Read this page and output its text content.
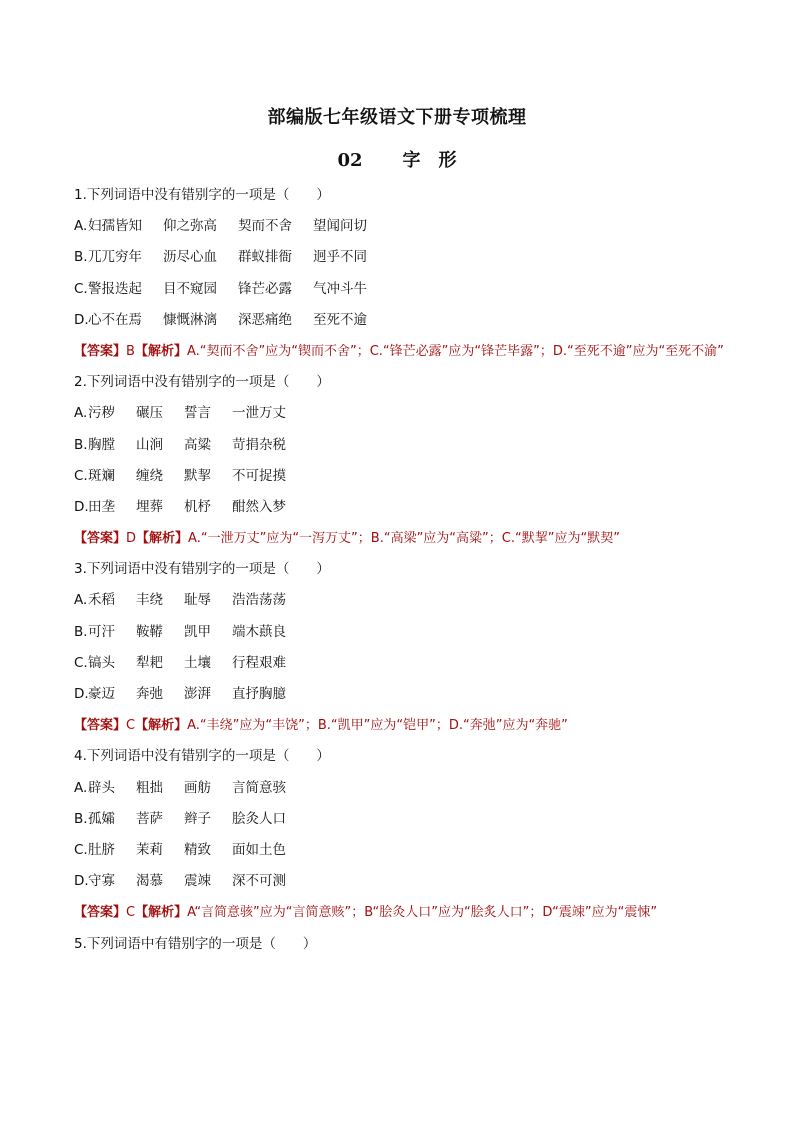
部编版七年级语文下册专项梳理
02 字　形
1.下列词语中没有错别字的一项是（　　）
A. 妇孺皆知 仰之弥高 契而不舍 望闻问切
B. 兀兀穷年 沥尽心血 群蚁排衙 迥乎不同
C. 警报迭起 目不窥园 锋芒必露 气冲斗牛
D. 心不在焉 慷慨淋漓 深恶痛绝 至死不逾
【答案】B【解析】A.“契而不舍”应为“锲而不舍”；C.“锋芒必露”应为“锋芒毕露”；D.“至死不逾”应为“至死不渝”
2.下列词语中没有错别字的一项是（　　）
A. 污秽 碾压 誓言 一泄万丈
B. 胸膛 山涧 高粱 苛捐杂税
C. 斑斓 缠绕 默挈 不可捉摸
D. 田垄 埋葬 机杼 酣然入梦
【答案】D【解析】A.“一泄万丈”应为“一泻万丈”；B.“高梁”应为“高粱”；C.“默挈”应为“默契”
3.下列词语中没有错别字的一项是（　　）
A. 禾稻 丰绕 耻辱 浩浩荡荡
B. 可汗 鞍鞯 凯甲 端木蕻良
C. 镐头 犁耙 土壤 行程艰难
D. 豪迈 奔弛 澎湃 直抒胸臆
【答案】C【解析】A.“丰绕”应为“丰饶”；B.“凯甲”应为“铠甲”；D.“奔弛”应为“奔驰”
4.下列词语中没有错别字的一项是（　　）
A. 辟头 粗拙 画舫 言简意骇
B. 孤孀 菩萨 辫子 脍灸人口
C. 肚脐 茉莉 精致 面如土色
D. 守寡 渴慕 震竦 深不可测
【答案】C【解析】A“言简意骇”应为“言简意赅”；B“脍灸人口”应为“脍炙人口”；D“震竦”应为“震悚”
5.下列词语中有错别字的一项是（　　）
